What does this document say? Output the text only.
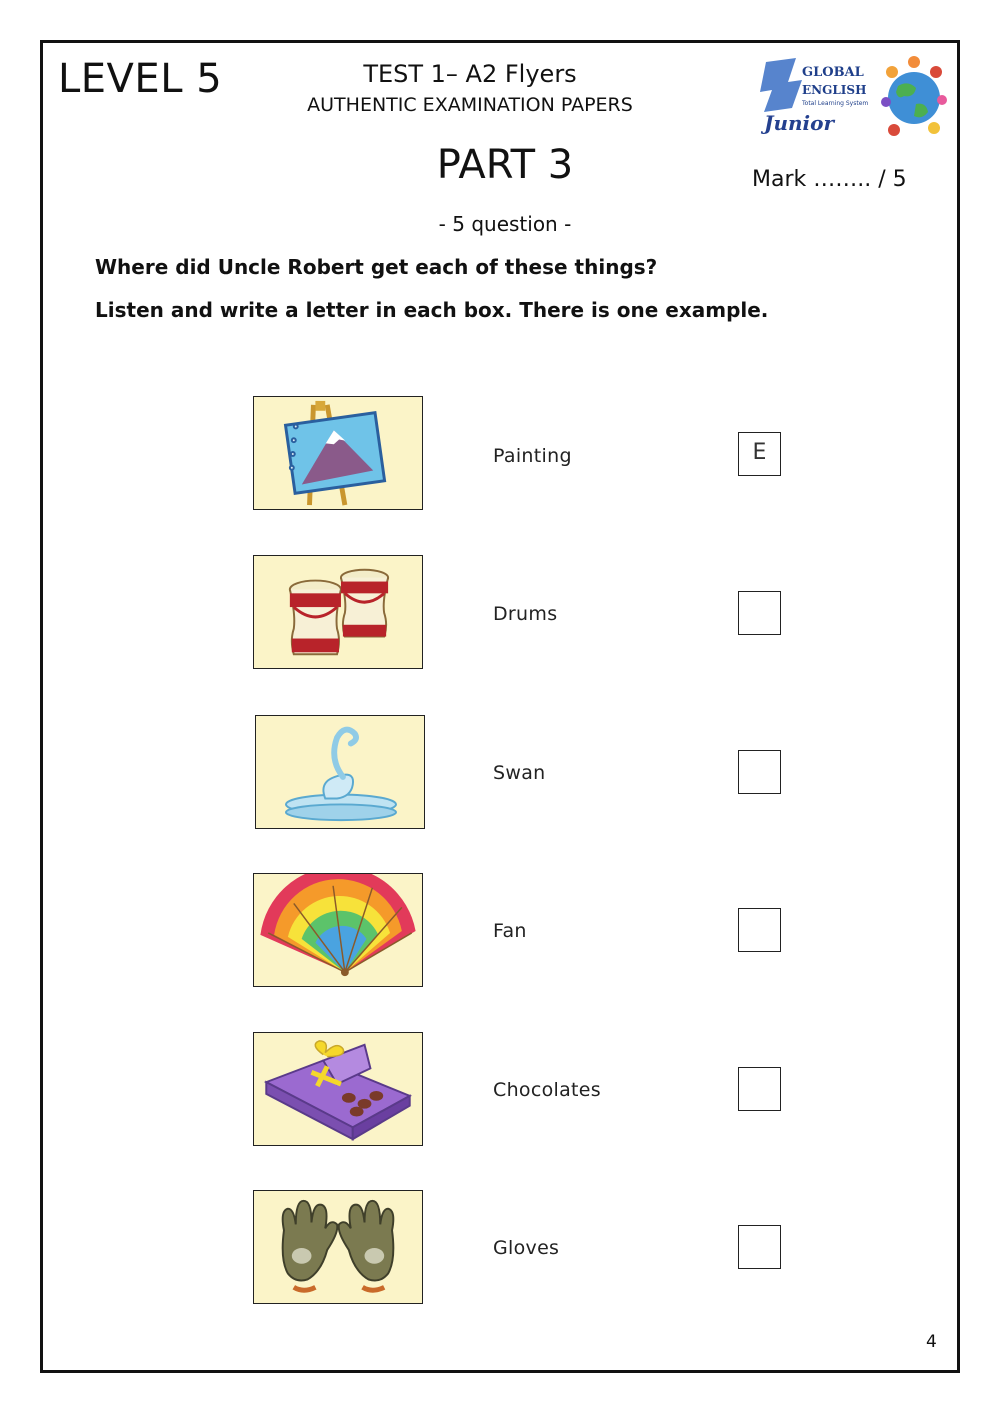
LEVEL 5	TEST 1– A2 Flyers
AUTHENTIC EXAMINATION PAPERS
GLOBAL
ENGLISH
Total Learning System
Junior
PART 3	Mark …….. / 5
- 5 question -
Where did Uncle Robert get each of these things?
Listen and write a letter in each box. There is one example.
Painting	E
Drums
Swan
Fan
Chocolates
Gloves
4
